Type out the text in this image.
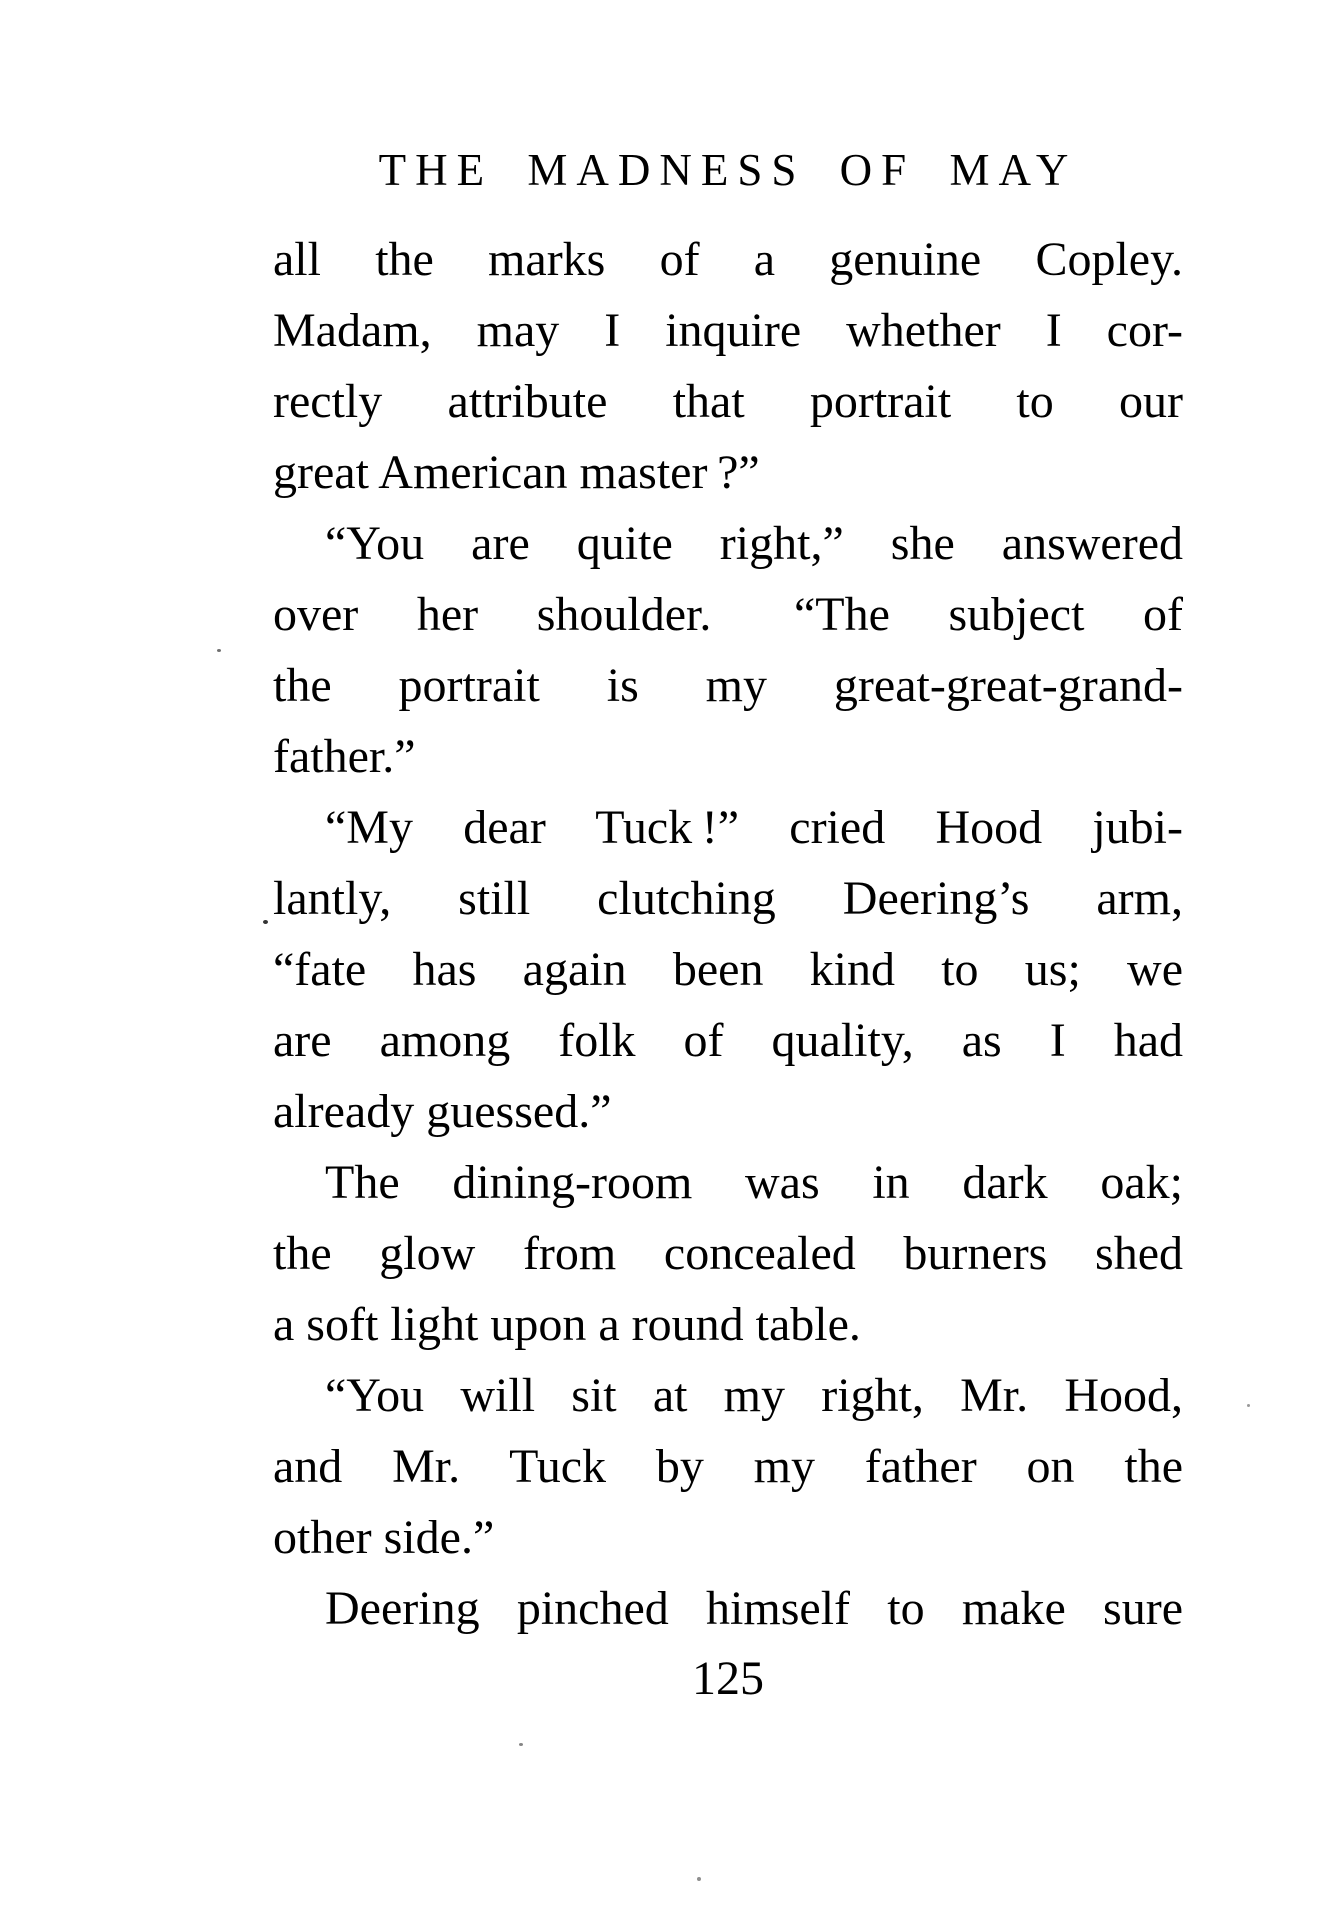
THE MADNESS OF MAY
all the marks of a genuine Copley.
Madam, may I inquire whether I cor-
rectly attribute that portrait to our
great American master ?”
“You are quite right,” she answered
over her shoulder.  “The subject of
the portrait is my great-great-grand-
father.”
“My dear Tuck !” cried Hood jubi-
lantly, still clutching Deering’s arm,
“fate has again been kind to us; we
are among folk of quality, as I had
already guessed.”
The dining-room was in dark oak;
the glow from concealed burners shed
a soft light upon a round table.
“You will sit at my right, Mr. Hood,
and Mr. Tuck by my father on the
other side.”
Deering pinched himself to make sure
125
